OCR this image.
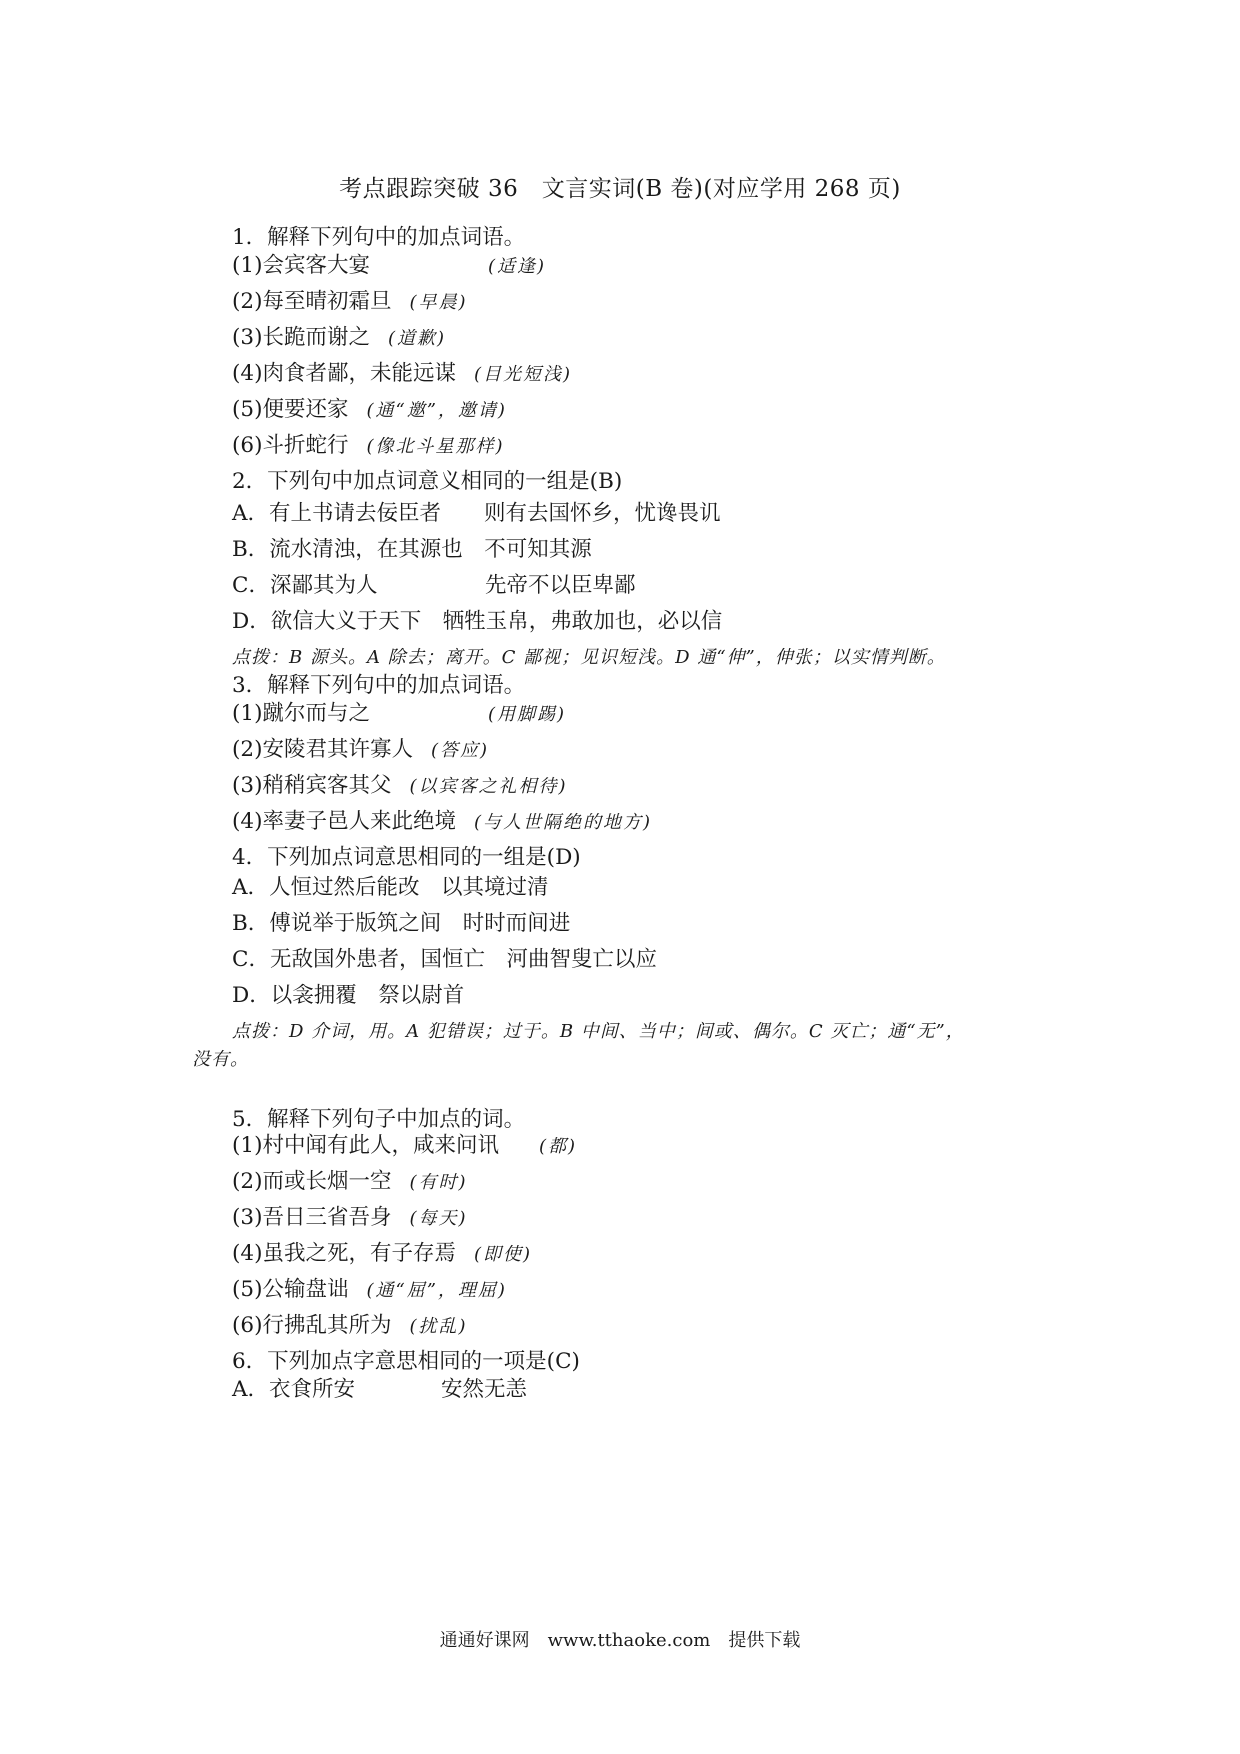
考点跟踪突破 36　文言实词(B 卷)(对应学用 268 页)
1．解释下列句中的加点词语。
(1)会宾客大宴	(适逢)
(2)每至晴初霜旦 (早晨)
(3)长跪而谢之 (道歉)
(4)肉食者鄙，未能远谋 (目光短浅)
(5)便要还家 (通“邀”，邀请)
(6)斗折蛇行 (像北斗星那样)
2．下列句中加点词意义相同的一组是(B)
A．有上书请去佞臣者　　则有去国怀乡，忧谗畏讥
B．流水清浊，在其源也　不可知其源
C．深鄙其为人　　　　　先帝不以臣卑鄙
D．欲信大义于天下　牺牲玉帛，弗敢加也，必以信
点拨：B 源头。A 除去；离开。C 鄙视；见识短浅。D 通“伸”，伸张；以实情判断。
3．解释下列句中的加点词语。
(1)蹴尔而与之	(用脚踢)
(2)安陵君其许寡人 (答应)
(3)稍稍宾客其父 (以宾客之礼相待)
(4)率妻子邑人来此绝境 (与人世隔绝的地方)
4．下列加点词意思相同的一组是(D)
A．人恒过然后能改　以其境过清
B．傅说举于版筑之间　时时而间进
C．无敌国外患者，国恒亡　河曲智叟亡以应
D．以衾拥覆　祭以尉首
点拨：D 介词，用。A 犯错误；过于。B 中间、当中；间或、偶尔。C 灭亡；通“无”，
没有。
5．解释下列句子中加点的词。
(1)村中闻有此人，咸来问讯 (都)
(2)而或长烟一空 (有时)
(3)吾日三省吾身 (每天)
(4)虽我之死，有子存焉 (即使)
(5)公输盘诎 (通“屈”，理屈)
(6)行拂乱其所为 (扰乱)
6．下列加点字意思相同的一项是(C)
A．衣食所安　　　　安然无恙
通通好课网　www.tthaoke.com　提供下载
